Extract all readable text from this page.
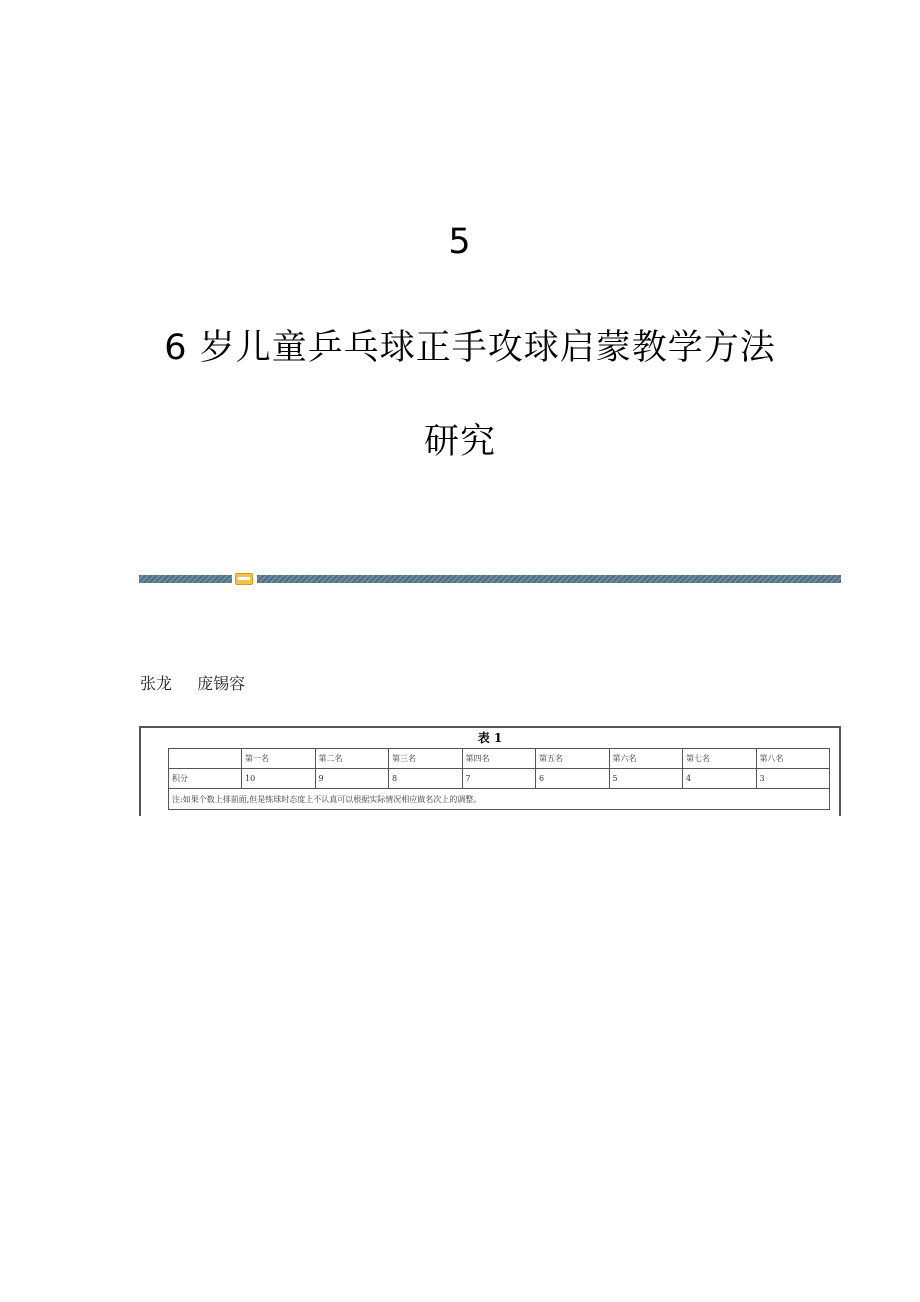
5
6 岁儿童乒乓球正手攻球启蒙教学方法
研究
张龙 庞锡容
表 1
	第一名	第二名	第三名	第四名	第五名	第六名	第七名	第八名
积分	10	9	8	7	6	5	4	3
注:如果个数上排前面,但是练球时态度上不认真可以根据实际情况相应做名次上的调整。								
